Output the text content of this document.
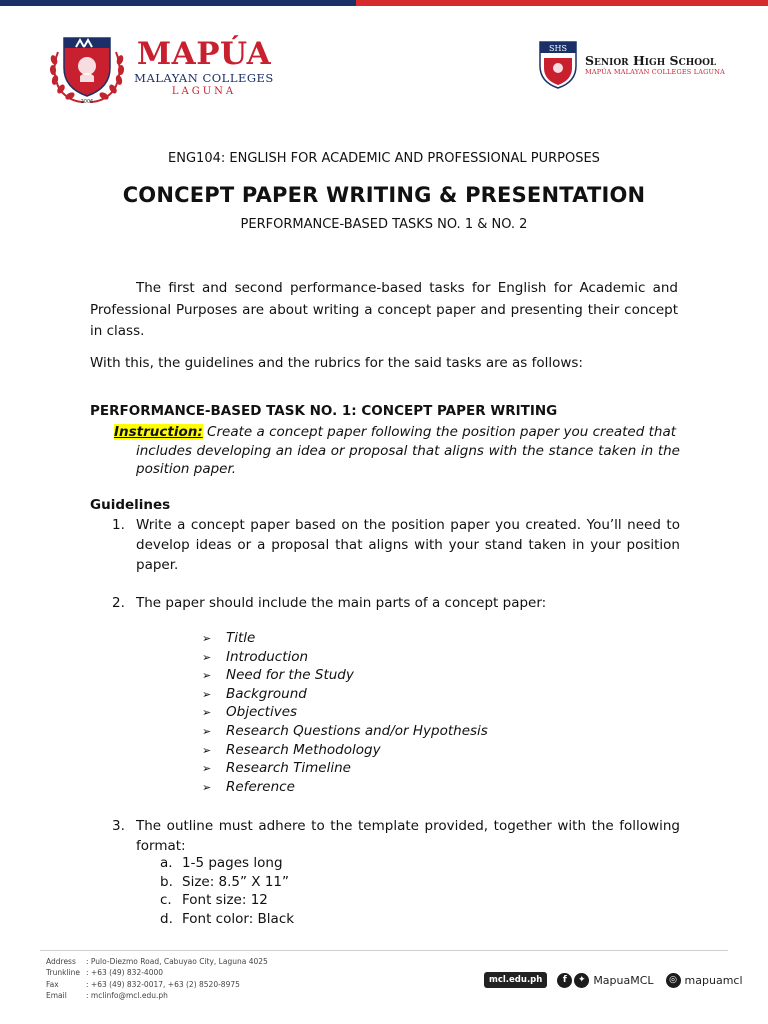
2006
MAPÚA
MALAYAN COLLEGES
LAGUNA
SHS
Senior High School
MAPÚA MALAYAN COLLEGES LAGUNA
ENG104: ENGLISH FOR ACADEMIC AND PROFESSIONAL PURPOSES
CONCEPT PAPER WRITING & PRESENTATION
PERFORMANCE-BASED TASKS NO. 1 & NO. 2

The first and second performance-based tasks for English for Academic and Professional Purposes are about writing a concept paper and presenting their concept in class.

With this, the guidelines and the rubrics for the said tasks are as follows:

PERFORMANCE-BASED TASK NO. 1: CONCEPT PAPER WRITING
Instruction: Create a concept paper following the position paper you created that
includes developing an idea or proposal that aligns with the stance taken in the position paper.
Guidelines
1. Write a concept paper based on the position paper you created. You’ll need to develop ideas or a proposal that aligns with your stand taken in your position paper.
2. The paper should include the main parts of a concept paper:
➢ Title
➢ Introduction
➢ Need for the Study
➢ Background
➢ Objectives
➢ Research Questions and/or Hypothesis
➢ Research Methodology
➢ Research Timeline
➢ Reference
3. The outline must adhere to the template provided, together with the following format:
a. 1-5 pages long
b. Size: 8.5” X 11”
c. Font size: 12
d. Font color: Black
Address : Pulo-Diezmo Road, Cabuyao City, Laguna 4025
Trunkline : +63 (49) 832-4000
Fax	: +63 (49) 832-0017, +63 (2) 8520-8975
Email	: mclinfo@mcl.edu.ph
mcl.edu.ph	f	✦ MapuaMCL	◎ mapuamcl
